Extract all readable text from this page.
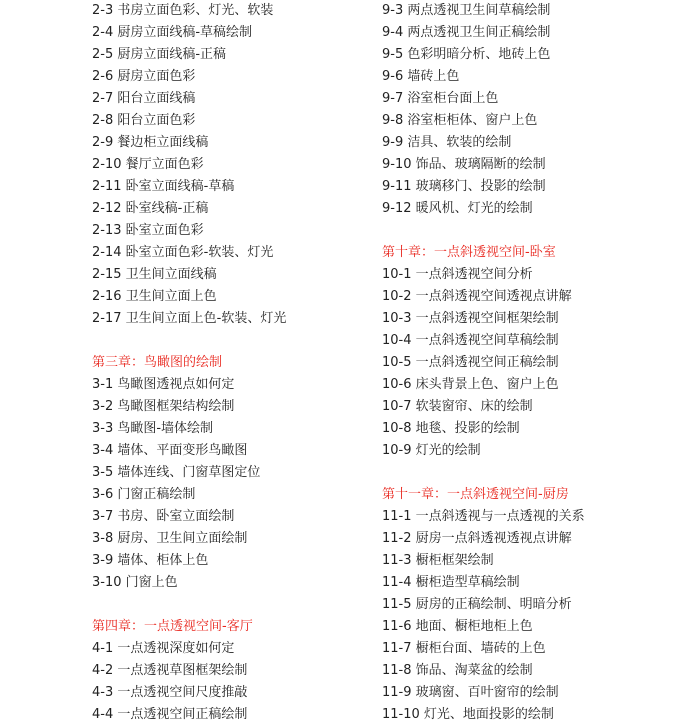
2-3 书房立面色彩、灯光、软装
2-4 厨房立面线稿-草稿绘制
2-5 厨房立面线稿-正稿
2-6 厨房立面色彩
2-7 阳台立面线稿
2-8 阳台立面色彩
2-9 餐边柜立面线稿
2-10 餐厅立面色彩
2-11 卧室立面线稿-草稿
2-12 卧室线稿-正稿
2-13 卧室立面色彩
2-14 卧室立面色彩-软装、灯光
2-15 卫生间立面线稿
2-16 卫生间立面上色
2-17 卫生间立面上色-软装、灯光
第三章：鸟瞰图的绘制
3-1 鸟瞰图透视点如何定
3-2 鸟瞰图框架结构绘制
3-3 鸟瞰图-墙体绘制
3-4 墙体、平面变形鸟瞰图
3-5 墙体连线、门窗草图定位
3-6 门窗正稿绘制
3-7 书房、卧室立面绘制
3-8 厨房、卫生间立面绘制
3-9 墙体、柜体上色
3-10 门窗上色
第四章：一点透视空间-客厅
4-1 一点透视深度如何定
4-2 一点透视草图框架绘制
4-3 一点透视空间尺度推敲
4-4 一点透视空间正稿绘制
9-3 两点透视卫生间草稿绘制
9-4 两点透视卫生间正稿绘制
9-5 色彩明暗分析、地砖上色
9-6 墙砖上色
9-7 浴室柜台面上色
9-8 浴室柜柜体、窗户上色
9-9 洁具、软装的绘制
9-10 饰品、玻璃隔断的绘制
9-11 玻璃移门、投影的绘制
9-12 暖风机、灯光的绘制
第十章：一点斜透视空间-卧室
10-1 一点斜透视空间分析
10-2 一点斜透视空间透视点讲解
10-3 一点斜透视空间框架绘制
10-4 一点斜透视空间草稿绘制
10-5 一点斜透视空间正稿绘制
10-6 床头背景上色、窗户上色
10-7 软装窗帘、床的绘制
10-8 地毯、投影的绘制
10-9 灯光的绘制
第十一章：一点斜透视空间-厨房
11-1 一点斜透视与一点透视的关系
11-2 厨房一点斜透视透视点讲解
11-3 橱柜框架绘制
11-4 橱柜造型草稿绘制
11-5 厨房的正稿绘制、明暗分析
11-6 地面、橱柜地柜上色
11-7 橱柜台面、墙砖的上色
11-8 饰品、淘菜盆的绘制
11-9 玻璃窗、百叶窗帘的绘制
11-10 灯光、地面投影的绘制
